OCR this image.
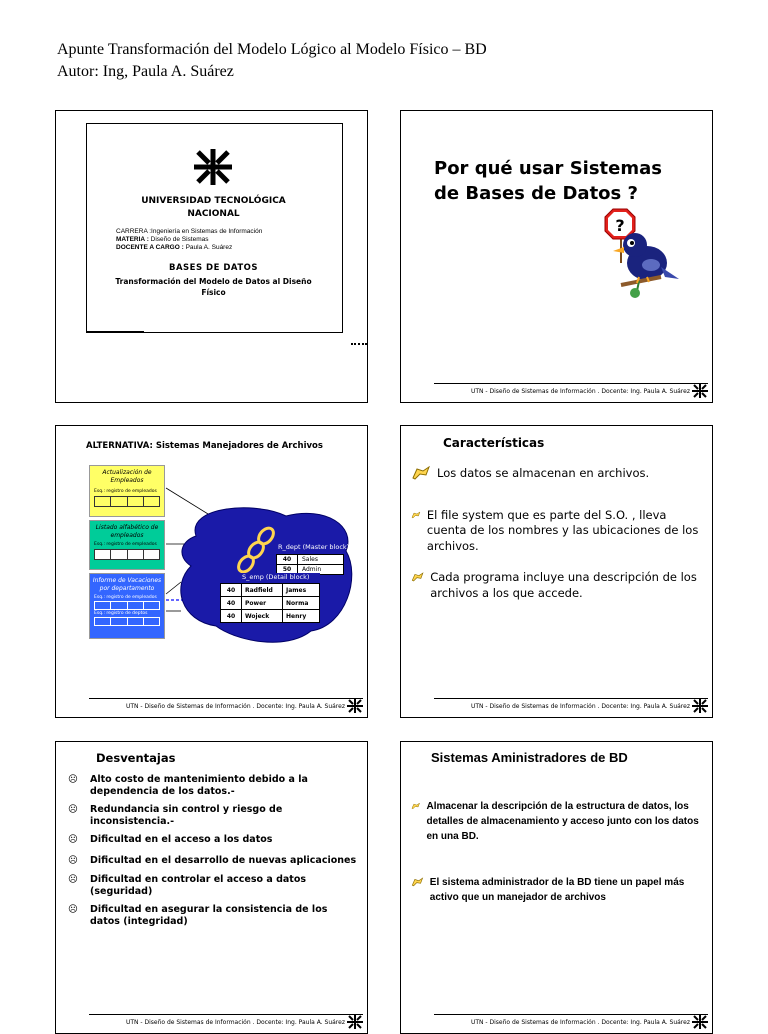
Apunte Transformación del Modelo Lógico al Modelo Físico – BD
Autor: Ing, Paula A. Suárez
UNIVERSIDAD TECNOLÓGICA
NACIONAL
CARRERA :Ingeniería en Sistemas de Información
MATERIA : Diseño de Sistemas
DOCENTE A CARGO : Paula A. Suárez
BASES DE DATOS
Transformación del Modelo de Datos al Diseño
Físico
Por qué usar Sistemas
de Bases de Datos ?
?
UTN - Diseño de Sistemas de Información . Docente: Ing. Paula A. Suárez
ALTERNATIVA: Sistemas Manejadores de Archivos
Actualización de Empleados
Esq.: registro de empleados
Listado alfabético de empleados
Esq.: registro de empleados
Informe de Vacaciones por departamento
Esq.: registro de empleados
Esq.: registro de deptos
R_dept (Master block)
40	Sales
50	Admin
S_emp (Detail block)
40	Radfield	James
40	Power	Norma
40	Wojeck	Henry
UTN - Diseño de Sistemas de Información . Docente: Ing. Paula A. Suárez
Características
Los datos se almacenan en archivos.
El file system que es parte del S.O. , lleva cuenta de los nombres y las ubicaciones de los archivos.
Cada programa incluye una descripción de los archivos a los que accede.
UTN - Diseño de Sistemas de Información . Docente: Ing. Paula A. Suárez
Desventajas
☹	Alto costo de mantenimiento debido a la dependencia de los datos.-
☹	Redundancia sin control y riesgo de inconsistencia.-
☹	Dificultad en el acceso a los datos
☹	Dificultad en el desarrollo de nuevas aplicaciones
☹	Dificultad en controlar el acceso a datos (seguridad)
☹	Dificultad en asegurar la consistencia de los datos (integridad)
UTN - Diseño de Sistemas de Información . Docente: Ing. Paula A. Suárez
Sistemas Aministradores de BD
Almacenar la descripción de la estructura de datos, los detalles de almacenamiento y acceso junto con los datos en una BD.
El sistema administrador de la BD tiene un papel más activo que un manejador de archivos
UTN - Diseño de Sistemas de Información . Docente: Ing. Paula A. Suárez
